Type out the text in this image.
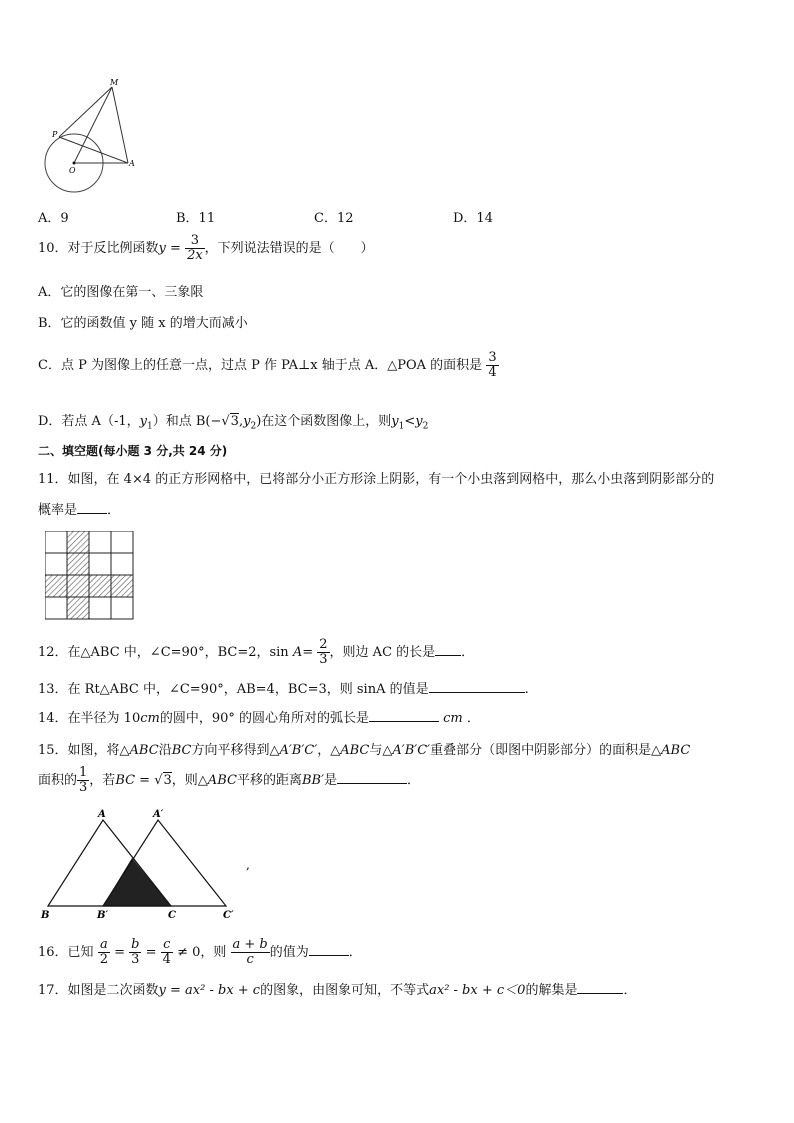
M
P
O
A
A．9	B．11	C．12	D．14
10．对于反比例函数$y = \frac{3}{2x}$ ，下列说法错误的是（　　）
A．它的图像在第一、三象限
B．它的函数值 y 随 x 的增大而减小
C．点 P 为图像上的任意一点，过点 P 作 PA⊥x 轴于点 A．△POA 的面积是 $\frac{3}{4}$
D．若点 A（-1，$y_1$）和点 $B(-√3,y_2)$在这个函数图像上，则$y_1<y_2$
二、填空题(每小题 3 分,共 24 分)
11．如图，在 4×4 的正方形网格中，已将部分小正方形涂上阴影，有一个小虫落到网格中，那么小虫落到阴影部分的
概率是 ．
12．在△ABC 中，∠C=90°，BC=2，$\sin A= \frac{2}{3}$ ，则边 AC 的长是 ．
13．在 Rt△ABC 中，∠C=90°，AB=4，BC=3，则 sinA 的值是	.
14．在半径为 10cm的圆中，90° 的圆心角所对的弧长是	cm ．
15．如图，将△ABC沿BC方向平移得到△A′B′C′，△ABC与△A′B′C′重叠部分（即图中阴影部分）的面积是△ABC
面积的 $\frac{1}{3}$ ，若BC = √3，则△ABC平移的距离BB′是	．
A	A′
B	B′	C	C′
,
16．已知 $\frac{a}{2} = \frac{b}{3} = \frac{c}{4} \ne 0$，则 $\frac{a + b}{c}$ 的值为	．
17．如图是二次函数y = ax² - bx + c的图象，由图象可知，不等式ax² - bx + c＜0的解集是	．
